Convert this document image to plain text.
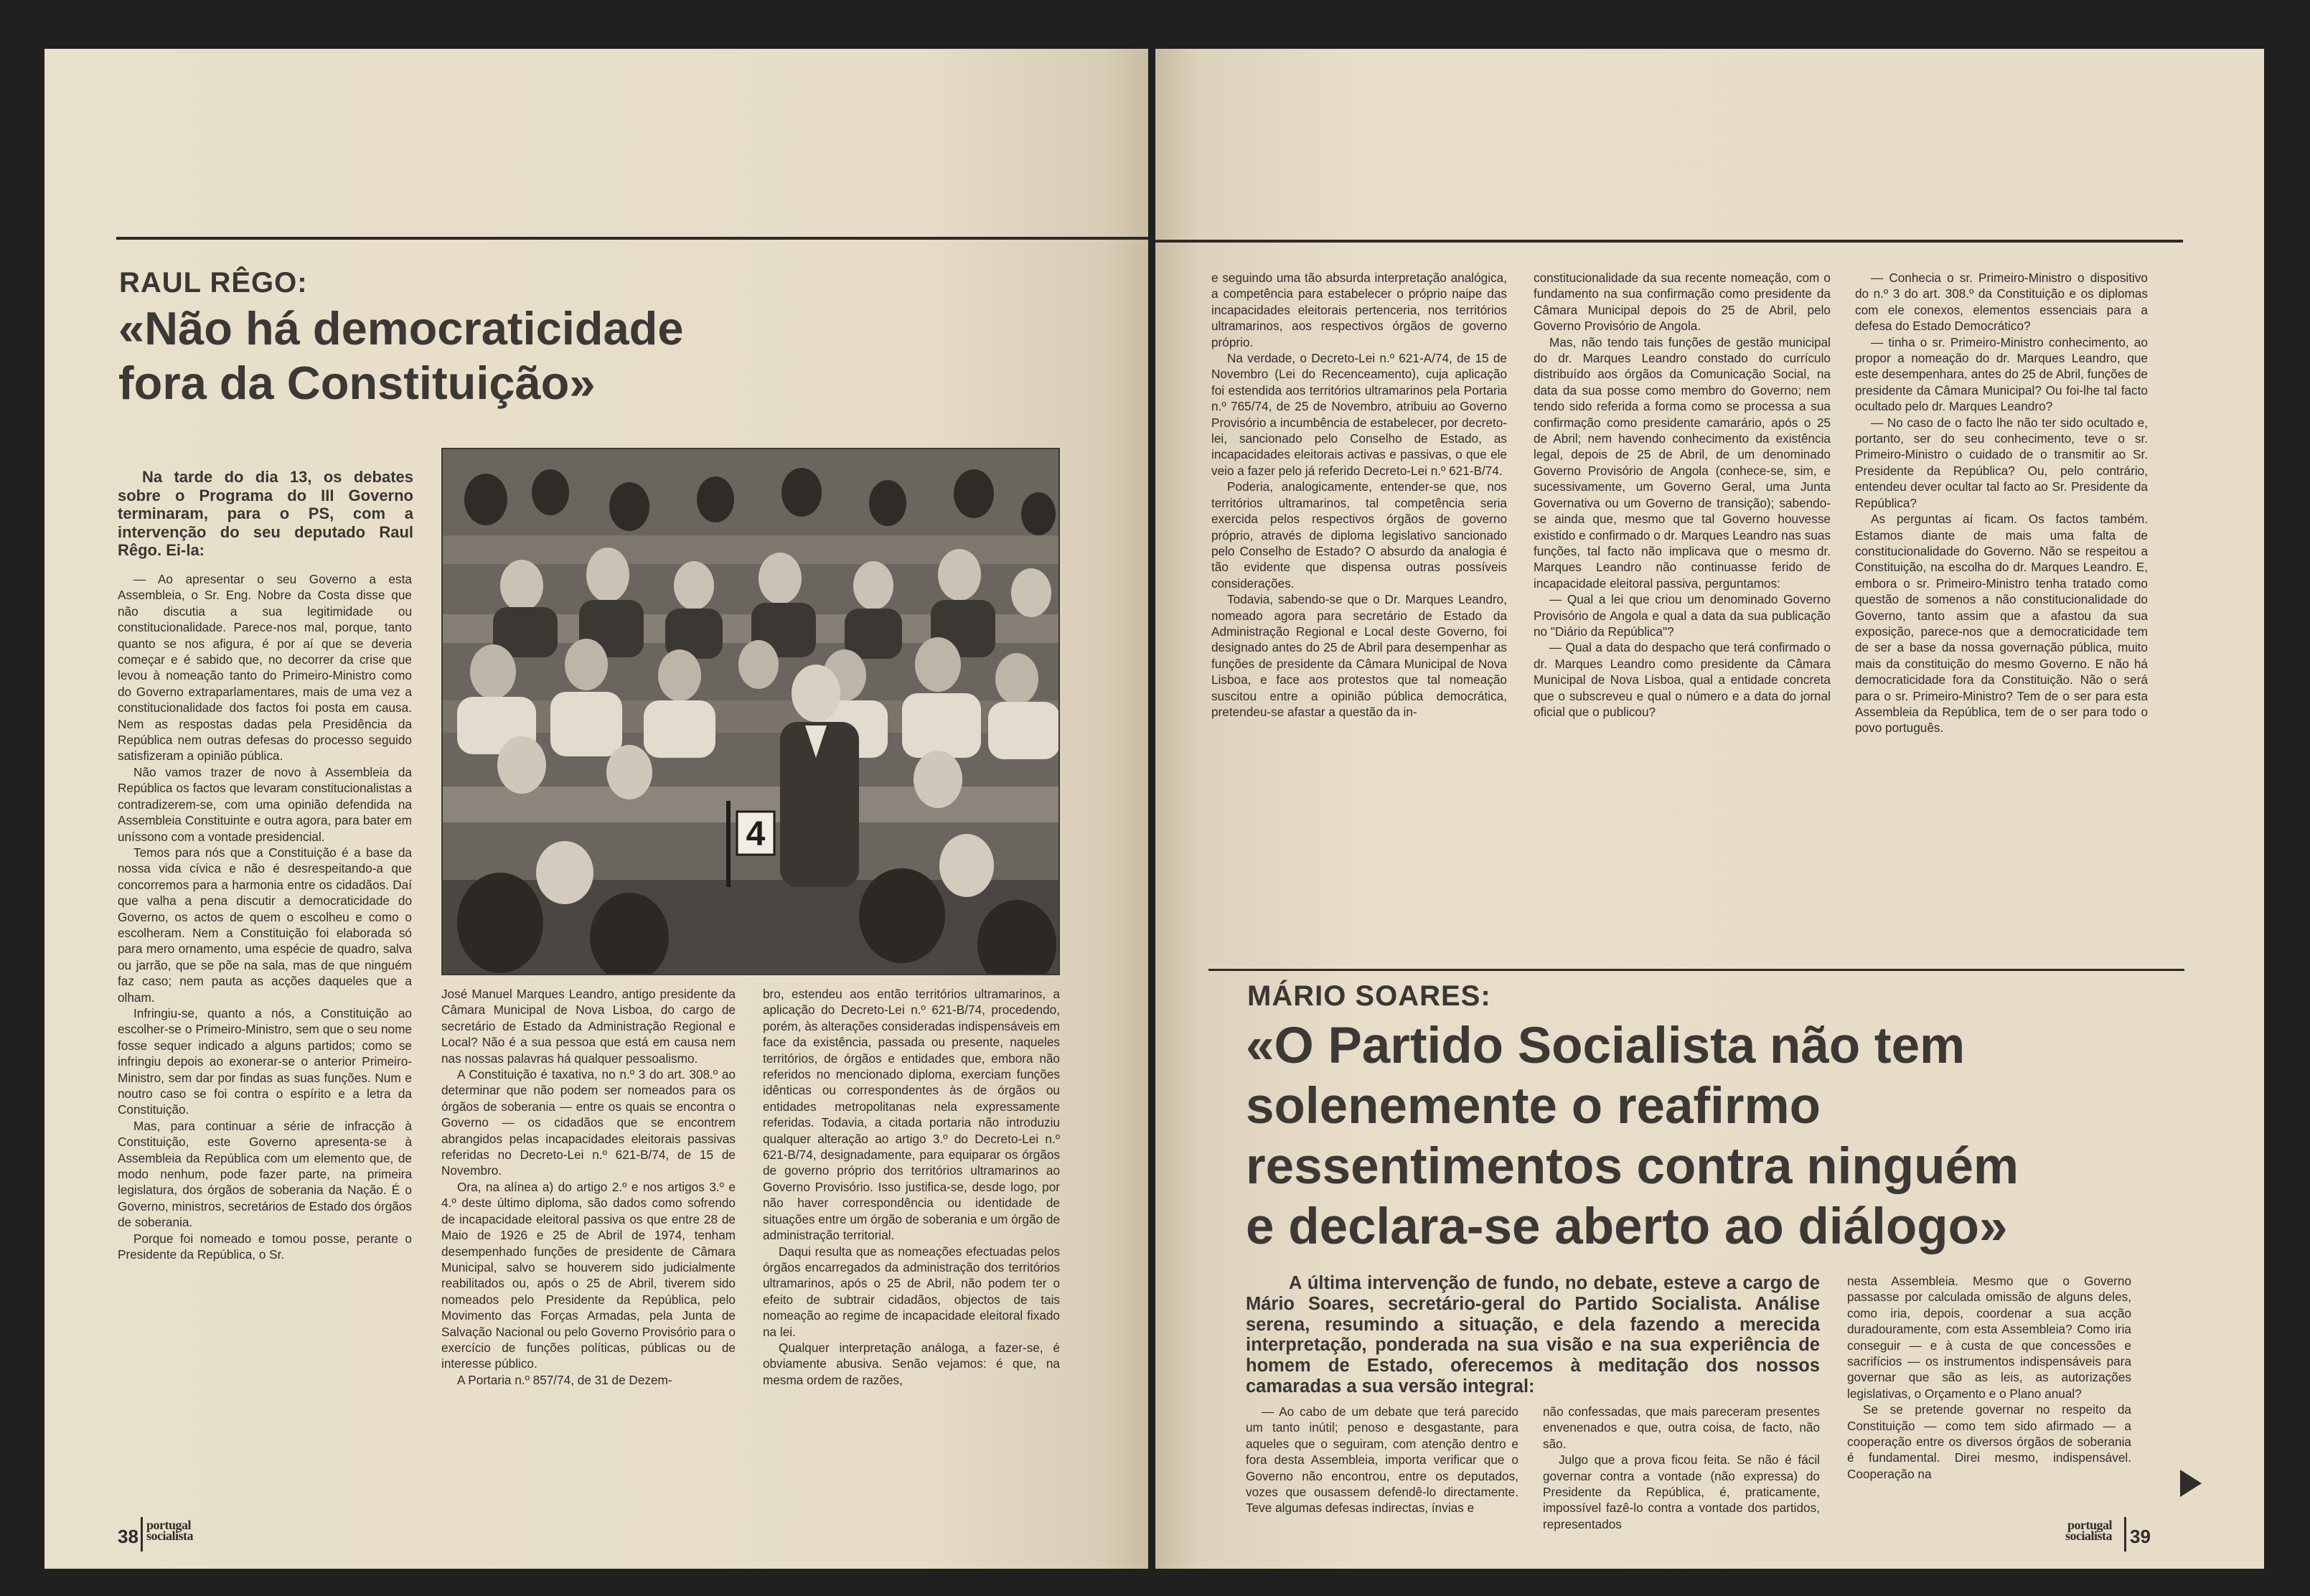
RAUL RÊGO:
«Não há democraticidade
fora da Constituição»

Na tarde do dia 13, os debates sobre o Programa do III Governo terminaram, para o PS, com a intervenção do seu deputado Raul Rêgo. Ei-la:

— Ao apresentar o seu Governo a esta Assembleia, o Sr. Eng. Nobre da Costa disse que não discutia a sua legitimidade ou constitucionalidade. Parece-nos mal, porque, tanto quanto se nos afigura, é por aí que se deveria começar e é sabido que, no decorrer da crise que levou à nomeação tanto do Primeiro-Ministro como do Governo extraparlamentares, mais de uma vez a constitucionalidade dos factos foi posta em causa. Nem as respostas dadas pela Presidência da República nem outras defesas do processo seguido satisfizeram a opinião pública.

Não vamos trazer de novo à Assembleia da República os factos que levaram constitucionalistas a contradizerem-se, com uma opinião defendida na Assembleia Constituinte e outra agora, para bater em uníssono com a vontade presidencial.

Temos para nós que a Constituição é a base da nossa vida cívica e não é desrespeitando-a que concorremos para a harmonia entre os cidadãos. Daí que valha a pena discutir a democraticidade do Governo, os actos de quem o escolheu e como o escolheram. Nem a Constituição foi elaborada só para mero ornamento, uma espécie de quadro, salva ou jarrão, que se põe na sala, mas de que ninguém faz caso; nem pauta as acções daqueles que a olham.

Infringiu-se, quanto a nós, a Constituição ao escolher-se o Primeiro-Ministro, sem que o seu nome fosse sequer indicado a alguns partidos; como se infringiu depois ao exonerar-se o anterior Primeiro-Ministro, sem dar por findas as suas funções. Num e noutro caso se foi contra o espírito e a letra da Constituição.

Mas, para continuar a série de infracção à Constituição, este Governo apresenta-se à Assembleia da República com um elemento que, de modo nenhum, pode fazer parte, na primeira legislatura, dos órgãos de soberania da Nação. É o Governo, ministros, secretários de Estado dos órgãos de soberania.

Porque foi nomeado e tomou posse, perante o Presidente da República, o Sr.

4

José Manuel Marques Leandro, antigo presidente da Câmara Municipal de Nova Lisboa, do cargo de secretário de Estado da Administração Regional e Local? Não é a sua pessoa que está em causa nem nas nossas palavras há qualquer pessoalismo.

A Constituição é taxativa, no n.º 3 do art. 308.º ao determinar que não podem ser nomeados para os órgãos de soberania — entre os quais se encontra o Governo — os cidadãos que se encontrem abrangidos pelas incapacidades eleitorais passivas referidas no Decreto-Lei n.º 621-B/74, de 15 de Novembro.

Ora, na alínea a) do artigo 2.º e nos artigos 3.º e 4.º deste último diploma, são dados como sofrendo de incapacidade eleitoral passiva os que entre 28 de Maio de 1926 e 25 de Abril de 1974, tenham desempenhado funções de presidente de Câmara Municipal, salvo se houverem sido judicialmente reabilitados ou, após o 25 de Abril, tiverem sido nomeados pelo Presidente da República, pelo Movimento das Forças Armadas, pela Junta de Salvação Nacional ou pelo Governo Provisório para o exercício de funções políticas, públicas ou de interesse público.

A Portaria n.º 857/74, de 31 de Dezem-

bro, estendeu aos então territórios ultramarinos, a aplicação do Decreto-Lei n.º 621-B/74, procedendo, porém, às alterações consideradas indispensáveis em face da existência, passada ou presente, naqueles territórios, de órgãos e entidades que, embora não referidos no mencionado diploma, exerciam funções idênticas ou correspondentes às de órgãos ou entidades metropolitanas nela expressamente referidas. Todavia, a citada portaria não introduziu qualquer alteração ao artigo 3.º do Decreto-Lei n.º 621-B/74, designadamente, para equiparar os órgãos de governo próprio dos territórios ultramarinos ao Governo Provisório. Isso justifica-se, desde logo, por não haver correspondência ou identidade de situações entre um órgão de soberania e um órgão de administração territorial.

Daqui resulta que as nomeações efectuadas pelos órgãos encarregados da administração dos territórios ultramarinos, após o 25 de Abril, não podem ter o efeito de subtrair cidadãos, objectos de tais nomeação ao regime de incapacidade eleitoral fixado na lei.

Qualquer interpretação análoga, a fazer-se, é obviamente abusiva. Senão vejamos: é que, na mesma ordem de razões,

38
portugal
socialista

e seguindo uma tão absurda interpretação analógica, a competência para estabelecer o próprio naipe das incapacidades eleitorais pertenceria, nos territórios ultramarinos, aos respectivos órgãos de governo próprio.

Na verdade, o Decreto-Lei n.º 621-A/74, de 15 de Novembro (Lei do Recenceamento), cuja aplicação foi estendida aos territórios ultramarinos pela Portaria n.º 765/74, de 25 de Novembro, atribuiu ao Governo Provisório a incumbência de estabelecer, por decreto-lei, sancionado pelo Conselho de Estado, as incapacidades eleitorais activas e passivas, o que ele veio a fazer pelo já referido Decreto-Lei n.º 621-B/74.

Poderia, analogicamente, entender-se que, nos territórios ultramarinos, tal competência seria exercida pelos respectivos órgãos de governo próprio, através de diploma legislativo sancionado pelo Conselho de Estado? O absurdo da analogia é tão evidente que dispensa outras possíveis considerações.

Todavia, sabendo-se que o Dr. Marques Leandro, nomeado agora para secretário de Estado da Administração Regional e Local deste Governo, foi designado antes do 25 de Abril para desempenhar as funções de presidente da Câmara Municipal de Nova Lisboa, e face aos protestos que tal nomeação suscitou entre a opinião pública democrática, pretendeu-se afastar a questão da in-

constitucionalidade da sua recente nomeação, com o fundamento na sua confirmação como presidente da Câmara Municipal depois do 25 de Abril, pelo Governo Provisório de Angola.

Mas, não tendo tais funções de gestão municipal do dr. Marques Leandro constado do currículo distribuído aos órgãos da Comunicação Social, na data da sua posse como membro do Governo; nem tendo sido referida a forma como se processa a sua confirmação como presidente camarário, após o 25 de Abril; nem havendo conhecimento da existência legal, depois de 25 de Abril, de um denominado Governo Provisório de Angola (conhece-se, sim, e sucessivamente, um Governo Geral, uma Junta Governativa ou um Governo de transição); sabendo-se ainda que, mesmo que tal Governo houvesse existido e confirmado o dr. Marques Leandro nas suas funções, tal facto não implicava que o mesmo dr. Marques Leandro não continuasse ferido de incapacidade eleitoral passiva, perguntamos:

— Qual a lei que criou um denominado Governo Provisório de Angola e qual a data da sua publicação no "Diário da República"?

— Qual a data do despacho que terá confirmado o dr. Marques Leandro como presidente da Câmara Municipal de Nova Lisboa, qual a entidade concreta que o subscreveu e qual o número e a data do jornal oficial que o publicou?

— Conhecia o sr. Primeiro-Ministro o dispositivo do n.º 3 do art. 308.º da Constituição e os diplomas com ele conexos, elementos essenciais para a defesa do Estado Democrático?

— tinha o sr. Primeiro-Ministro conhecimento, ao propor a nomeação do dr. Marques Leandro, que este desempenhara, antes do 25 de Abril, funções de presidente da Câmara Municipal? Ou foi-lhe tal facto ocultado pelo dr. Marques Leandro?

— No caso de o facto lhe não ter sido ocultado e, portanto, ser do seu conhecimento, teve o sr. Primeiro-Ministro o cuidado de o transmitir ao Sr. Presidente da República? Ou, pelo contrário, entendeu dever ocultar tal facto ao Sr. Presidente da República?

As perguntas aí ficam. Os factos também. Estamos diante de mais uma falta de constitucionalidade do Governo. Não se respeitou a Constituição, na escolha do dr. Marques Leandro. E, embora o sr. Primeiro-Ministro tenha tratado como questão de somenos a não constitucionalidade do Governo, tanto assim que a afastou da sua exposição, parece-nos que a democraticidade tem de ser a base da nossa governação pública, muito mais da constituição do mesmo Governo. E não há democraticidade fora da Constituição. Não o será para o sr. Primeiro-Ministro? Tem de o ser para esta Assembleia da República, tem de o ser para todo o povo português.

MÁRIO SOARES:
«O Partido Socialista não tem
solenemente o reafirmo
ressentimentos contra ninguém
e declara-se aberto ao diálogo»

A última intervenção de fundo, no debate, esteve a cargo de Mário Soares, secretário-geral do Partido Socialista. Análise serena, resumindo a situação, e dela fazendo a merecida interpretação, ponderada na sua visão e na sua experiência de homem de Estado, oferecemos à meditação dos nossos camaradas a sua versão integral:

— Ao cabo de um debate que terá parecido um tanto inútil; penoso e desgastante, para aqueles que o seguiram, com atenção dentro e fora desta Assembleia, importa verificar que o Governo não encontrou, entre os deputados, vozes que ousassem defendê-lo directamente. Teve algumas defesas indirectas, ínvias e

não confessadas, que mais pareceram presentes envenenados e que, outra coisa, de facto, não são.

Julgo que a prova ficou feita. Se não é fácil governar contra a vontade (não expressa) do Presidente da República, é, praticamente, impossível fazê-lo contra a vontade dos partidos, representados

nesta Assembleia. Mesmo que o Governo passasse por calculada omissão de alguns deles, como iria, depois, coordenar a sua acção duradouramente, com esta Assembleia? Como iria conseguir — e à custa de que concessões e sacrifícios — os instrumentos indispensáveis para governar que são as leis, as autorizações legislativas, o Orçamento e o Plano anual?

Se se pretende governar no respeito da Constituição — como tem sido afirmado — a cooperação entre os diversos órgãos de soberania é fundamental. Direi mesmo, indispensável. Cooperação na

portugal
socialista 39
